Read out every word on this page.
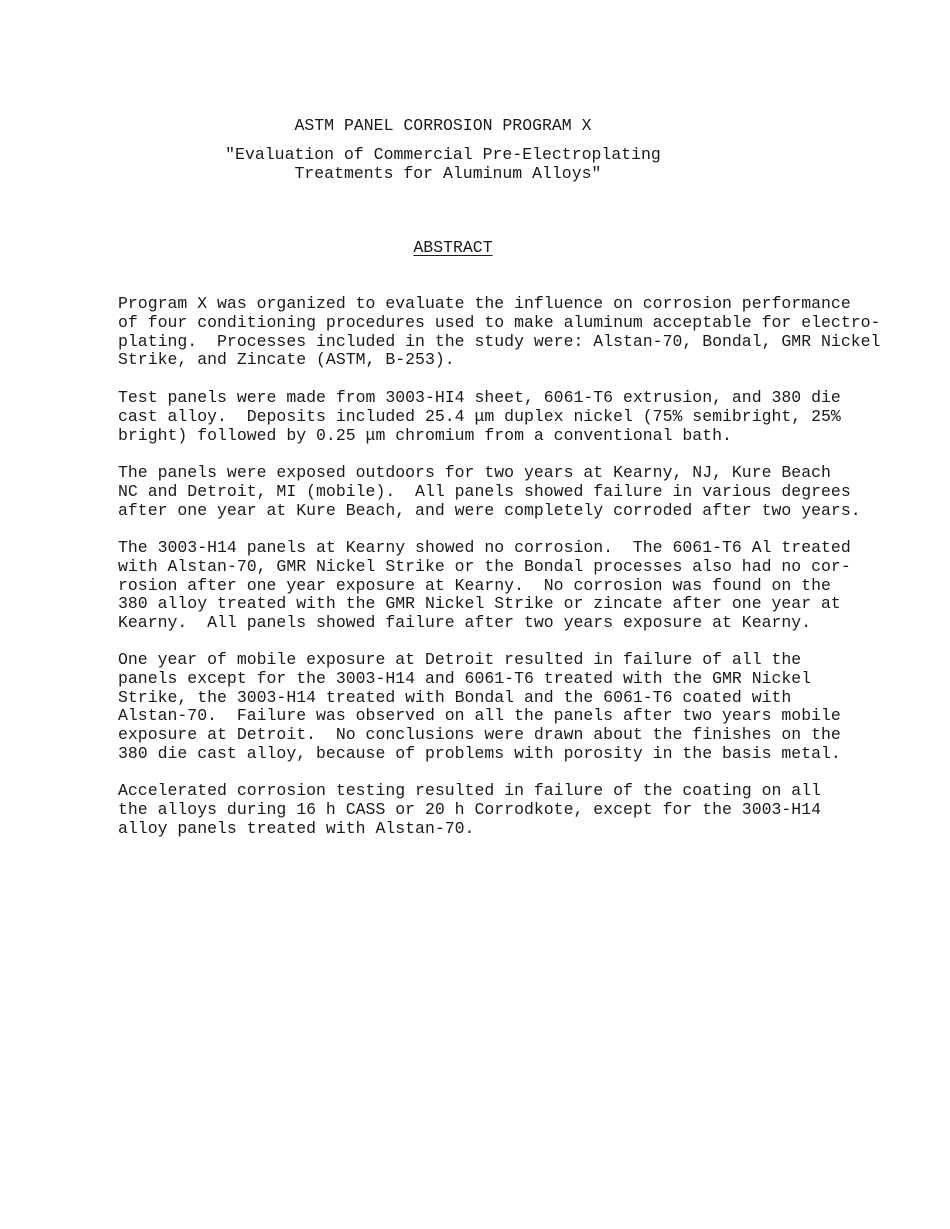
ASTM PANEL CORROSION PROGRAM X
"Evaluation of Commercial Pre-Electroplating
Treatments for Aluminum Alloys"
ABSTRACT

Program X was organized to evaluate the influence on corrosion performance
of four conditioning procedures used to make aluminum acceptable for electro-
plating.  Processes included in the study were: Alstan-70, Bondal, GMR Nickel
Strike, and Zincate (ASTM, B-253).

Test panels were made from 3003-HI4 sheet, 6061-T6 extrusion, and 380 die
cast alloy.  Deposits included 25.4 μm duplex nickel (75% semibright, 25%
bright) followed by 0.25 μm chromium from a conventional bath.

The panels were exposed outdoors for two years at Kearny, NJ, Kure Beach
NC and Detroit, MI (mobile).  All panels showed failure in various degrees
after one year at Kure Beach, and were completely corroded after two years.

The 3003-H14 panels at Kearny showed no corrosion.  The 6061-T6 Al treated
with Alstan-70, GMR Nickel Strike or the Bondal processes also had no cor-
rosion after one year exposure at Kearny.  No corrosion was found on the
380 alloy treated with the GMR Nickel Strike or zincate after one year at
Kearny.  All panels showed failure after two years exposure at Kearny.

One year of mobile exposure at Detroit resulted in failure of all the
panels except for the 3003-H14 and 6061-T6 treated with the GMR Nickel
Strike, the 3003-H14 treated with Bondal and the 6061-T6 coated with
Alstan-70.  Failure was observed on all the panels after two years mobile
exposure at Detroit.  No conclusions were drawn about the finishes on the
380 die cast alloy, because of problems with porosity in the basis metal.

Accelerated corrosion testing resulted in failure of the coating on all
the alloys during 16 h CASS or 20 h Corrodkote, except for the 3003-H14
alloy panels treated with Alstan-70.
